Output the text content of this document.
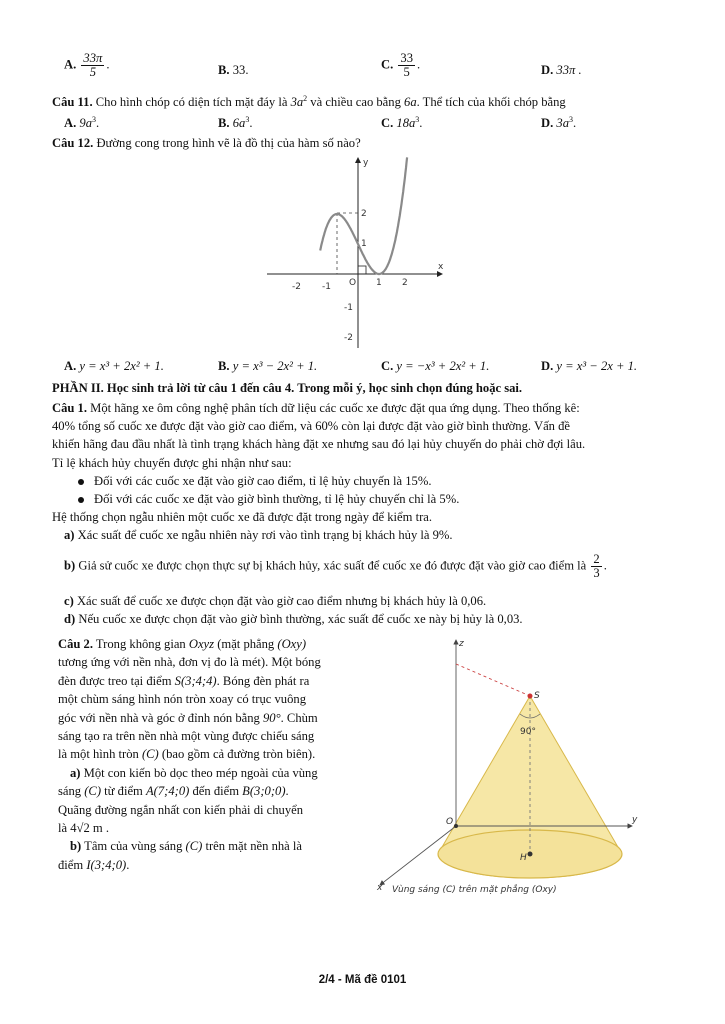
A. $\frac{33\pi}{5}$ .	B. 33.	C. $\frac{33}{5}$ .	D. 33π .
Câu 11. Cho hình chóp có diện tích mặt đáy là $3a^2$ và chiều cao bằng 6a. Thể tích của khối chóp bằng
A. $9a^3$.	B. $6a^3$.	C. $18a^3$.	D. $3a^3$.
Câu 12. Đường cong trong hình vẽ là đồ thị của hàm số nào?
x
y
O
-2 -1	1 2
2
1
-1
-2
A. y = x³ + 2x² + 1.	B. y = x³ − 2x² + 1.	C. y = −x³ + 2x² + 1.	D. y = x³ − 2x + 1.
PHẦN II. Học sinh trả lời từ câu 1 đến câu 4. Trong mỗi ý, học sinh chọn đúng hoặc sai.
Câu 1. Một hãng xe ôm công nghệ phân tích dữ liệu các cuốc xe được đặt qua ứng dụng. Theo thống kê:
40% tổng số cuốc xe được đặt vào giờ cao điểm, và 60% còn lại được đặt vào giờ bình thường. Vấn đề
khiến hãng đau đầu nhất là tình trạng khách hàng đặt xe nhưng sau đó lại hủy chuyến do phải chờ đợi lâu.
Tỉ lệ khách hủy chuyến được ghi nhận như sau:
Đối với các cuốc xe đặt vào giờ cao điểm, tỉ lệ hủy chuyến là 15%.
Đối với các cuốc xe đặt vào giờ bình thường, tỉ lệ hủy chuyến chỉ là 5%.
Hệ thống chọn ngẫu nhiên một cuốc xe đã được đặt trong ngày để kiểm tra.
a) Xác suất để cuốc xe ngẫu nhiên này rơi vào tình trạng bị khách hủy là 9%.
b) Giả sử cuốc xe được chọn thực sự bị khách hủy, xác suất để cuốc xe đó được đặt vào giờ cao điểm là $\frac{2}{3}$ .
c) Xác suất để cuốc xe được chọn đặt vào giờ cao điểm nhưng bị khách hủy là 0,06.
d) Nếu cuốc xe được chọn đặt vào giờ bình thường, xác suất để cuốc xe này bị hủy là 0,03.
Câu 2. Trong không gian Oxyz (mặt phẳng (Oxy)
tương ứng với nền nhà, đơn vị đo là mét). Một bóng
đèn được treo tại điểm S(3;4;4). Bóng đèn phát ra
một chùm sáng hình nón tròn xoay có trục vuông
góc với nền nhà và góc ở đỉnh nón bằng 90°. Chùm
sáng tạo ra trên nền nhà một vùng được chiếu sáng
là một hình tròn (C) (bao gồm cả đường tròn biên).
a) Một con kiến bò dọc theo mép ngoài của vùng
sáng (C) từ điểm A(7;4;0) đến điểm B(3;0;0).
Quãng đường ngắn nhất con kiến phải di chuyển
là 4√2 m .
b) Tâm của vùng sáng (C) trên mặt nền nhà là
điểm I(3;4;0).
z
y
x
O
S
H
90°
Vùng sáng (C) trên mặt phẳng (Oxy)
2/4 - Mã đề 0101
